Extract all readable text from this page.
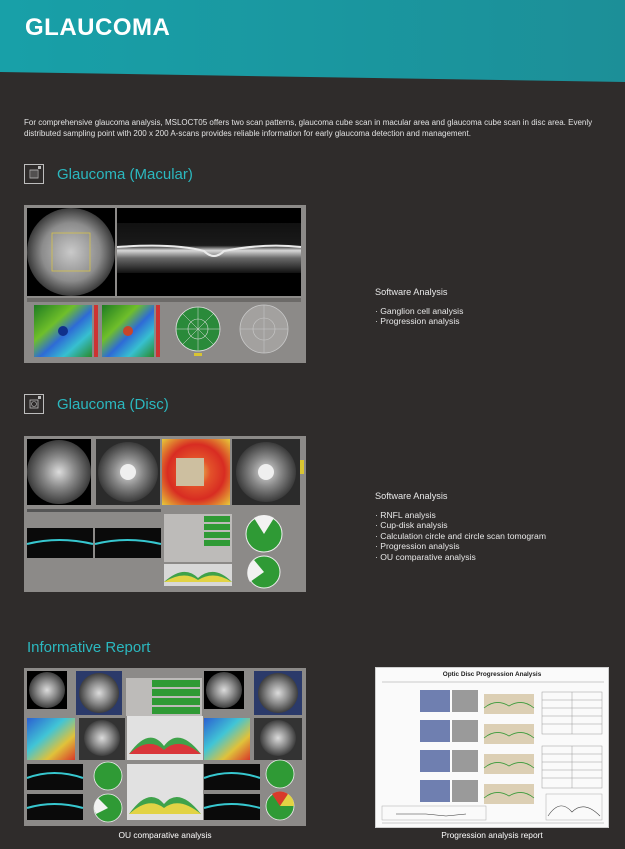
GLAUCOMA
For comprehensive glaucoma analysis, MSLOCT05 offers two scan patterns, glaucoma cube scan in macular area and glaucoma cube scan in disc area. Evenly distributed sampling point with 200 x 200 A-scans provides reliable information for early glaucoma detection and management.
Glaucoma (Macular)
Software Analysis
· Ganglion cell analysis
· Progression analysis
Glaucoma (Disc)
Software Analysis
· RNFL analysis
· Cup-disk analysis
· Calculation circle and circle scan tomogram
· Progression analysis
· OU comparative analysis
Informative Report
OU comparative analysis
Optic Disc Progression Analysis
Progression analysis report
